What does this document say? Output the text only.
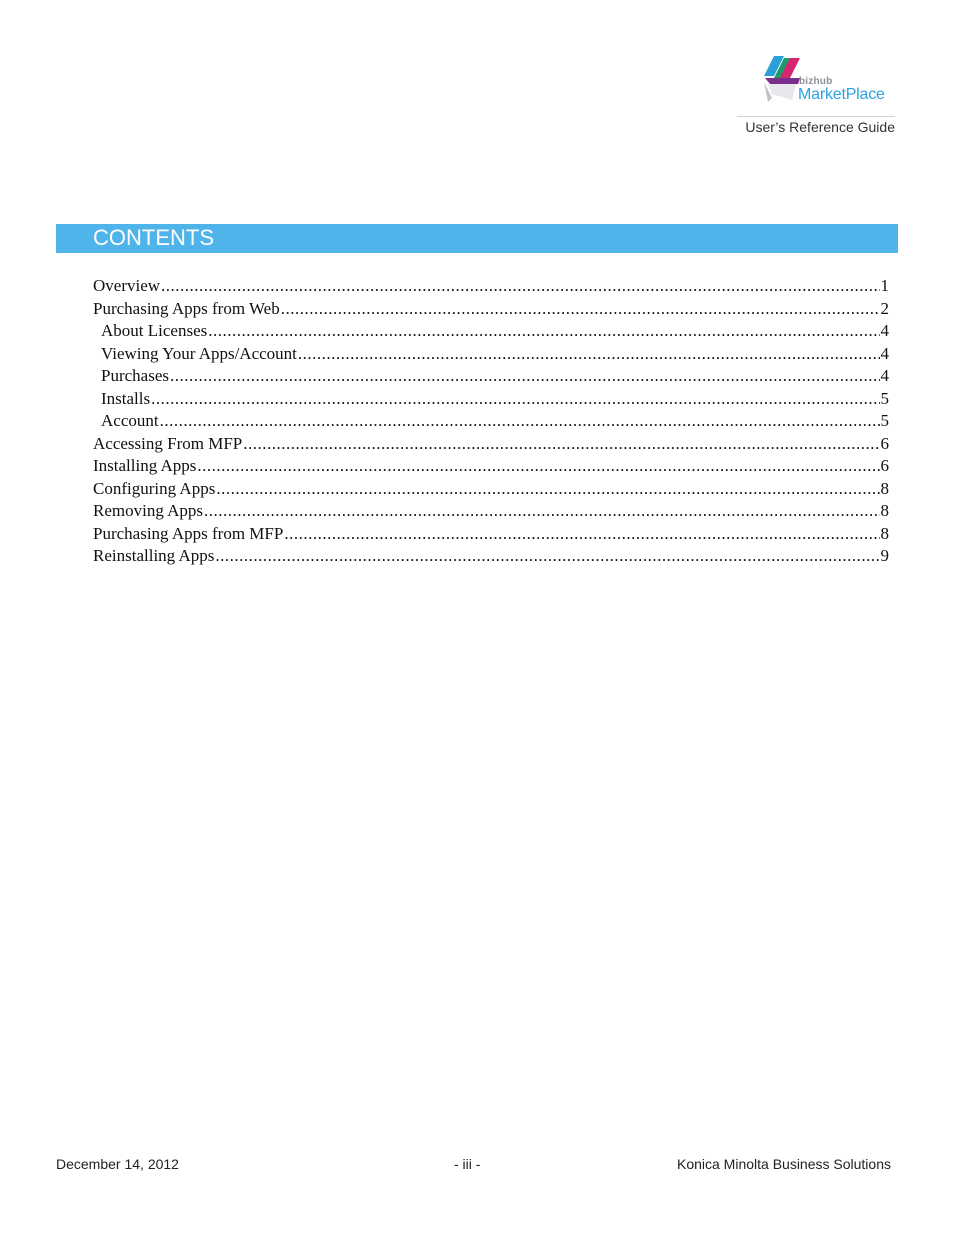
bizhub
MarketPlace
User’s Reference Guide
CONTENTS
Overview .....	1
Purchasing Apps from Web .....	2
About Licenses .....	4
Viewing Your Apps/Account .....	4
Purchases .....	4
Installs .....	5
Account .....	5
Accessing From MFP .....	6
Installing Apps .....	6
Configuring Apps .....	8
Removing Apps .....	8
Purchasing Apps from MFP .....	8
Reinstalling Apps .....	9
December 14, 2012	- iii -	Konica Minolta Business Solutions
